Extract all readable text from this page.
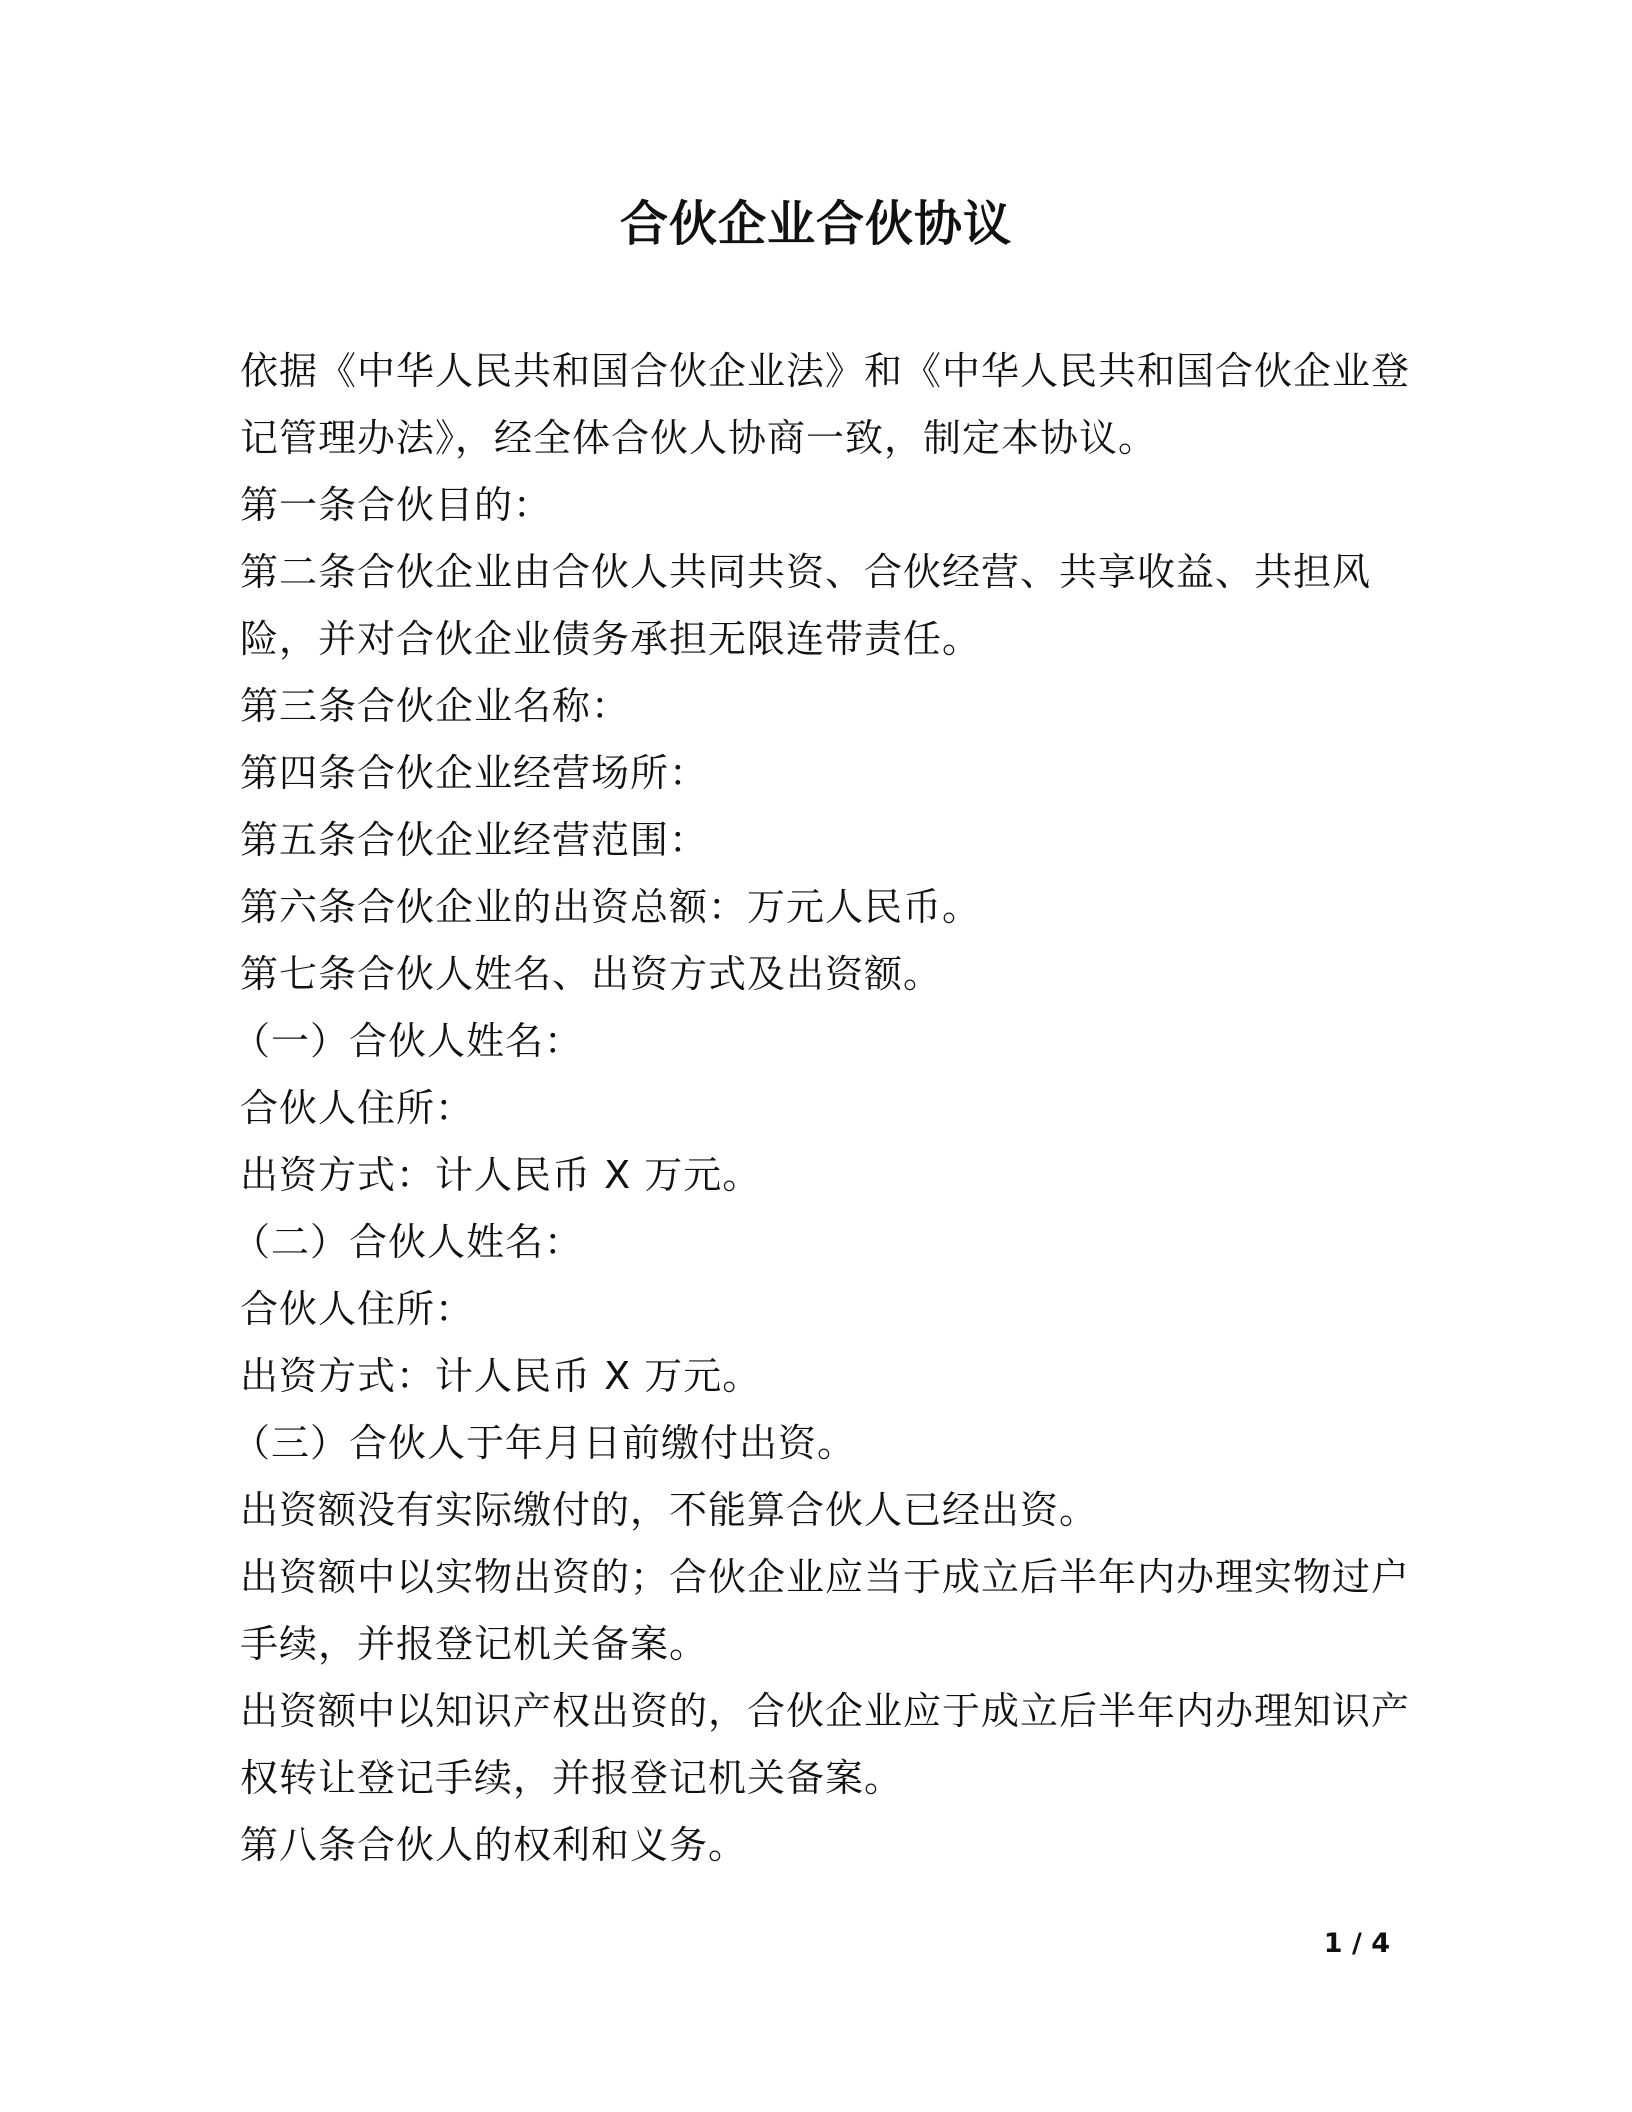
合伙企业合伙协议
依据《中华人民共和国合伙企业法》和《中华人民共和国合伙企业登
记管理办法》，经全体合伙人协商一致，制定本协议。
第一条合伙目的：
第二条合伙企业由合伙人共同共资、合伙经营、共享收益、共担风
险，并对合伙企业债务承担无限连带责任。
第三条合伙企业名称：
第四条合伙企业经营场所：
第五条合伙企业经营范围：
第六条合伙企业的出资总额：万元人民币。
第七条合伙人姓名、出资方式及出资额。
（一）合伙人姓名：
合伙人住所：
出资方式：计人民币 X 万元。
（二）合伙人姓名：
合伙人住所：
出资方式：计人民币 X 万元。
（三）合伙人于年月日前缴付出资。
出资额没有实际缴付的，不能算合伙人已经出资。
出资额中以实物出资的；合伙企业应当于成立后半年内办理实物过户
手续，并报登记机关备案。
出资额中以知识产权出资的，合伙企业应于成立后半年内办理知识产
权转让登记手续，并报登记机关备案。
第八条合伙人的权利和义务。
1 / 4
